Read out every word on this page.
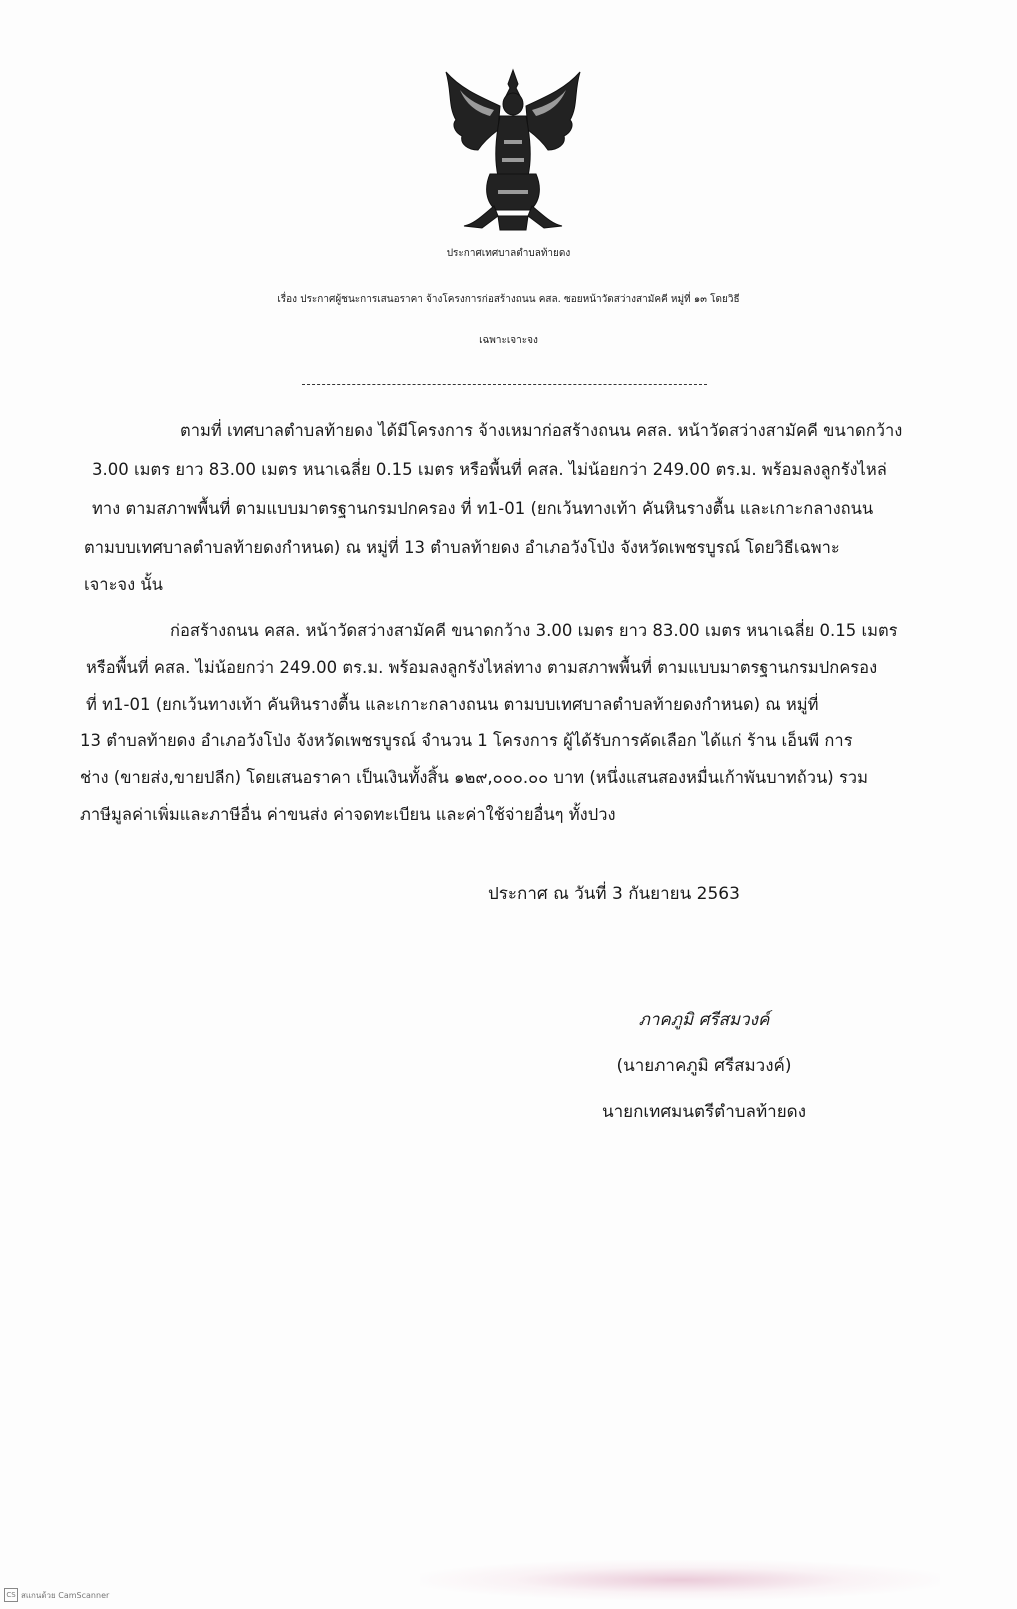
ประกาศเทศบาลตำบลท้ายดง
เรื่อง ประกาศผู้ชนะการเสนอราคา จ้างโครงการก่อสร้างถนน คสล. ซอยหน้าวัดสว่างสามัคคี หมู่ที่ ๑๓ โดยวิธี
เฉพาะเจาะจง
ตามที่ เทศบาลตำบลท้ายดง ได้มีโครงการ จ้างเหมาก่อสร้างถนน คสล. หน้าวัดสว่างสามัคคี ขนาดกว้าง
3.00 เมตร ยาว 83.00 เมตร หนาเฉลี่ย 0.15 เมตร หรือพื้นที่ คสล. ไม่น้อยกว่า 249.00 ตร.ม. พร้อมลงลูกรังไหล่
ทาง ตามสภาพพื้นที่ ตามแบบมาตรฐานกรมปกครอง ที่ ท1-01 (ยกเว้นทางเท้า คันหินรางตื้น และเกาะกลางถนน
ตามบบเทศบาลตำบลท้ายดงกำหนด) ณ หมู่ที่ 13 ตำบลท้ายดง อำเภอวังโป่ง จังหวัดเพชรบูรณ์ โดยวิธีเฉพาะ
เจาะจง นั้น
ก่อสร้างถนน คสล. หน้าวัดสว่างสามัคคี ขนาดกว้าง 3.00 เมตร ยาว 83.00 เมตร หนาเฉลี่ย 0.15 เมตร
หรือพื้นที่ คสล. ไม่น้อยกว่า 249.00 ตร.ม. พร้อมลงลูกรังไหล่ทาง ตามสภาพพื้นที่ ตามแบบมาตรฐานกรมปกครอง
ที่ ท1-01 (ยกเว้นทางเท้า คันหินรางตื้น และเกาะกลางถนน ตามบบเทศบาลตำบลท้ายดงกำหนด) ณ หมู่ที่
13 ตำบลท้ายดง อำเภอวังโป่ง จังหวัดเพชรบูรณ์ จำนวน 1 โครงการ ผู้ได้รับการคัดเลือก ได้แก่ ร้าน เอ็นพี การ
ช่าง (ขายส่ง,ขายปลีก) โดยเสนอราคา เป็นเงินทั้งสิ้น ๑๒๙,๐๐๐.๐๐ บาท (หนึ่งแสนสองหมื่นเก้าพันบาทถ้วน) รวม
ภาษีมูลค่าเพิ่มและภาษีอื่น ค่าขนส่ง ค่าจดทะเบียน และค่าใช้จ่ายอื่นๆ ทั้งปวง
ประกาศ ณ วันที่ 3 กันยายน 2563
ภาคภูมิ ศรีสมวงค์
(นายภาคภูมิ ศรีสมวงค์)
นายกเทศมนตรีตำบลท้ายดง
CS สแกนด้วย CamScanner
